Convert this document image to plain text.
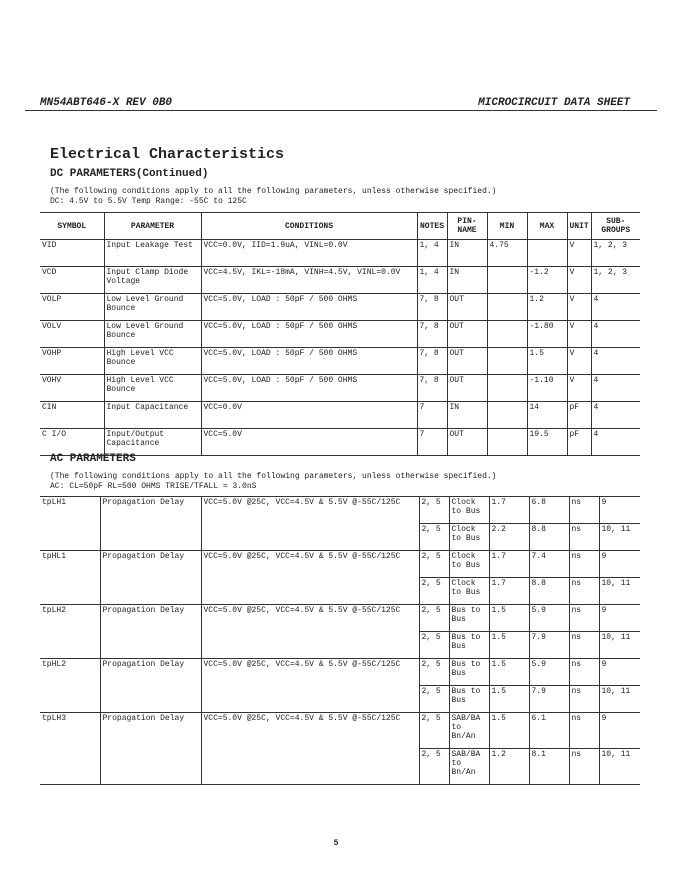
MN54ABT646-X REV 0B0	MICROCIRCUIT DATA SHEET
Electrical Characteristics
DC PARAMETERS(Continued)
(The following conditions apply to all the following parameters, unless otherwise specified.)
DC: 4.5V to 5.5V Temp Range: -55C to 125C
SYMBOL	PARAMETER	CONDITIONS	NOTES	PIN-NAME	MIN	MAX	UNIT	SUB-GROUPS
VID	Input Leakage Test	VCC=0.0V, IID=1.9uA, VINL=0.0V	1, 4	IN	4.75		V	1, 2, 3
VCD	Input Clamp Diode Voltage	VCC=4.5V, IKL=-18mA, VINH=4.5V, VINL=0.0V	1, 4	IN		-1.2	V	1, 2, 3
VOLP	Low Level Ground Bounce	VCC=5.0V, LOAD : 50pF / 500 OHMS	7, 8	OUT		1.2	V	4
VOLV	Low Level Ground Bounce	VCC=5.0V, LOAD : 50pF / 500 OHMS	7, 8	OUT		-1.80	V	4
VOHP	High Level VCC Bounce	VCC=5.0V, LOAD : 50pF / 500 OHMS	7, 8	OUT		1.5	V	4
VOHV	High Level VCC Bounce	VCC=5.0V, LOAD : 50pF / 500 OHMS	7, 8	OUT		-1.10	V	4
CIN	Input Capacitance	VCC=0.0V	7	IN		14	pF	4
C I/O	Input/Output Capacitance	VCC=5.0V	7	OUT		19.5	pF	4
AC PARAMETERS
(The following conditions apply to all the following parameters, unless otherwise specified.)
AC: CL=50pF RL=500 OHMS TRISE/TFALL = 3.0nS
tpLH1	Propagation Delay	VCC=5.0V @25C, VCC=4.5V & 5.5V @-55C/125C	2, 5	Clock to Bus	1.7	6.8	ns	9
			2, 5	Clock to Bus	2.2	8.8	ns	10, 11
tpHL1	Propagation Delay	VCC=5.0V @25C, VCC=4.5V & 5.5V @-55C/125C	2, 5	Clock to Bus	1.7	7.4	ns	9
			2, 5	Clock to Bus	1.7	8.8	ns	10, 11
tpLH2	Propagation Delay	VCC=5.0V @25C, VCC=4.5V & 5.5V @-55C/125C	2, 5	Bus to Bus	1.5	5.9	ns	9
			2, 5	Bus to Bus	1.5	7.9	ns	10, 11
tpHL2	Propagation Delay	VCC=5.0V @25C, VCC=4.5V & 5.5V @-55C/125C	2, 5	Bus to Bus	1.5	5.9	ns	9
			2, 5	Bus to Bus	1.5	7.9	ns	10, 11
tpLH3	Propagation Delay	VCC=5.0V @25C, VCC=4.5V & 5.5V @-55C/125C	2, 5	SAB/BA to Bn/An	1.5	6.1	ns	9
			2, 5	SAB/BA to Bn/An	1.2	8.1	ns	10, 11
5
